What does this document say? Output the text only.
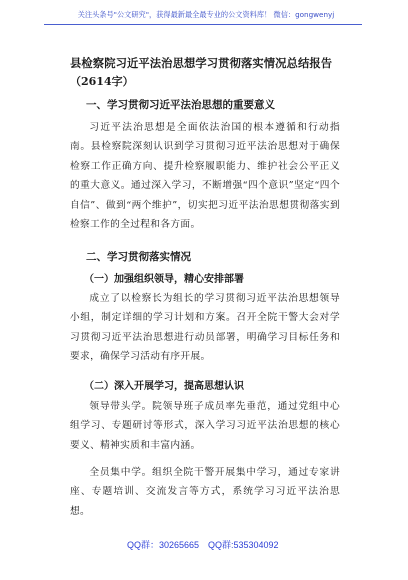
关注头条号"公文研究"，获得最新最全最专业的公文资料库！ 微信：gongwenyj
县检察院习近平法治思想学习贯彻落实情况总结报告
（2614字）
一、学习贯彻习近平法治思想的重要意义
习近平法治思想是全面依法治国的根本遵循和行动指南。县检察院深刻认识到学习贯彻习近平法治思想对于确保检察工作正确方向、提升检察履职能力、维护社会公平正义的重大意义。通过深入学习，不断增强“四个意识”坚定“四个自信”、做到“两个维护”，切实把习近平法治思想贯彻落实到检察工作的全过程和各方面。
二、学习贯彻落实情况
（一）加强组织领导，精心安排部署
成立了以检察长为组长的学习贯彻习近平法治思想领导小组，制定详细的学习计划和方案。召开全院干警大会对学习贯彻习近平法治思想进行动员部署，明确学习目标任务和要求，确保学习活动有序开展。
（二）深入开展学习，提高思想认识
领导带头学。院领导班子成员率先垂范，通过党组中心组学习、专题研讨等形式，深入学习习近平法治思想的核心要义、精神实质和丰富内涵。
全员集中学。组织全院干警开展集中学习，通过专家讲座、专题培训、交流发言等方式，系统学习习近平法治思想。
QQ群：30265665 QQ群:535304092
